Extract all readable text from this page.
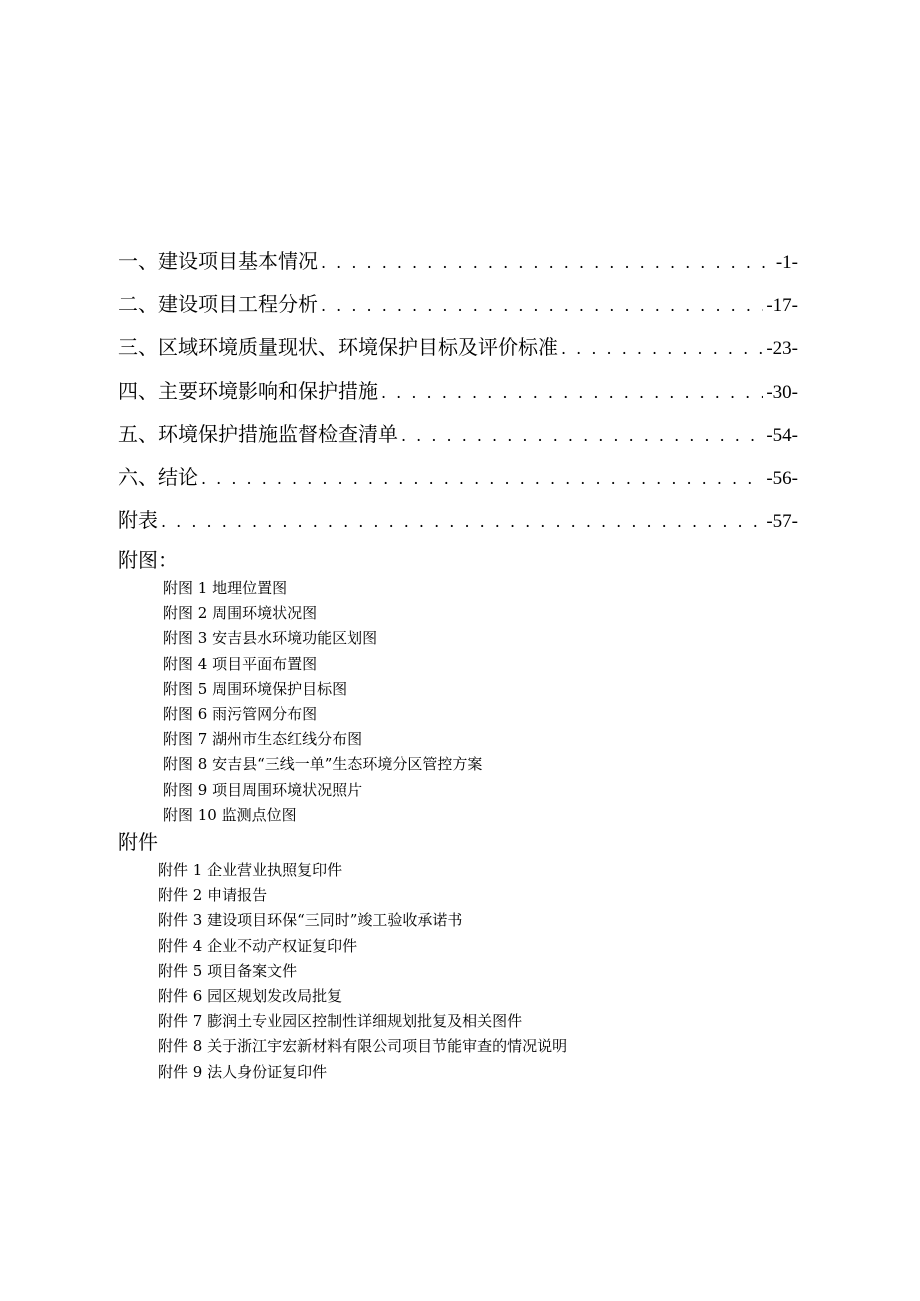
一、建设项目基本情况 . . .	-1-
二、建设项目工程分析 . . .	-17-
三、区域环境质量现状、环境保护目标及评价标准 . . .	-23-
四、主要环境影响和保护措施 . . .	-30-
五、环境保护措施监督检查清单 . . .	-54-
六、结论 . . .	-56-
附表 . . .	-57-
附图：
附图 1 地理位置图
附图 2 周围环境状况图
附图 3 安吉县水环境功能区划图
附图 4 项目平面布置图
附图 5 周围环境保护目标图
附图 6 雨污管网分布图
附图 7 湖州市生态红线分布图
附图 8 安吉县“三线一单”生态环境分区管控方案
附图 9 项目周围环境状况照片
附图 10 监测点位图
附件
附件 1 企业营业执照复印件
附件 2 申请报告
附件 3 建设项目环保“三同时”竣工验收承诺书
附件 4 企业不动产权证复印件
附件 5 项目备案文件
附件 6 园区规划发改局批复
附件 7 膨润土专业园区控制性详细规划批复及相关图件
附件 8 关于浙江宇宏新材料有限公司项目节能审查的情况说明
附件 9 法人身份证复印件
